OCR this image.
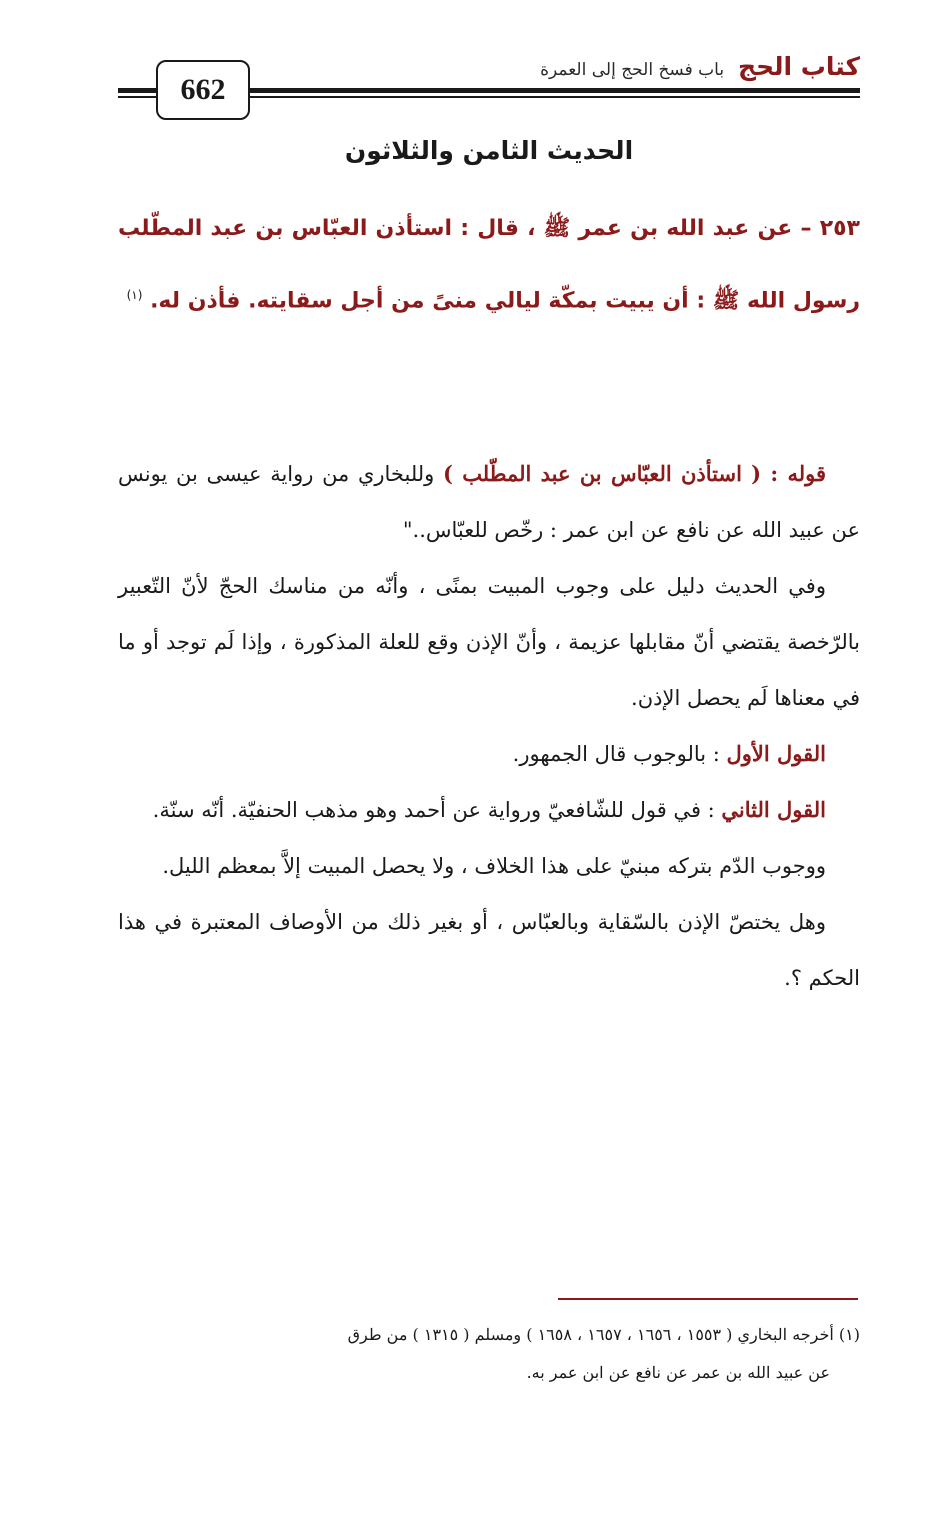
662
كتاب الحج
باب فسخ الحج إلى العمرة
الحديث الثامن والثلاثون
٢٥٣ – عن عبد الله بن عمر ﷺ ، قال : استأذن العبّاس بن عبد المطّلب رسول الله ﷺ : أن يبيت بمكّة ليالي منىً من أجل سقايته. فأذن له. $^{(١)}$

قوله : ( استأذن العبّاس بن عبد المطّلب ) وللبخاري من رواية عيسى بن يونس عن عبيد الله عن نافع عن ابن عمر : رخّص للعبّاس.."

وفي الحديث دليل على وجوب المبيت بمنًى ، وأنّه من مناسك الحجّ لأنّ التّعبير بالرّخصة يقتضي أنّ مقابلها عزيمة ، وأنّ الإذن وقع للعلة المذكورة ، وإذا لَم توجد أو ما في معناها لَم يحصل الإذن.

القول الأول : بالوجوب قال الجمهور.

القول الثاني : في قول للشّافعيّ ورواية عن أحمد وهو مذهب الحنفيّة. أنّه سنّة.

ووجوب الدّم بتركه مبنيّ على هذا الخلاف ، ولا يحصل المبيت إلاَّ بمعظم الليل.

وهل يختصّ الإذن بالسّقاية وبالعبّاس ، أو بغير ذلك من الأوصاف المعتبرة في هذا الحكم ؟.

(١) أخرجه البخاري ( ١٥٥٣ ، ١٦٥٦ ، ١٦٥٧ ، ١٦٥٨ ) ومسلم ( ١٣١٥ ) من طرق
عن عبيد الله بن عمر عن نافع عن ابن عمر به.
